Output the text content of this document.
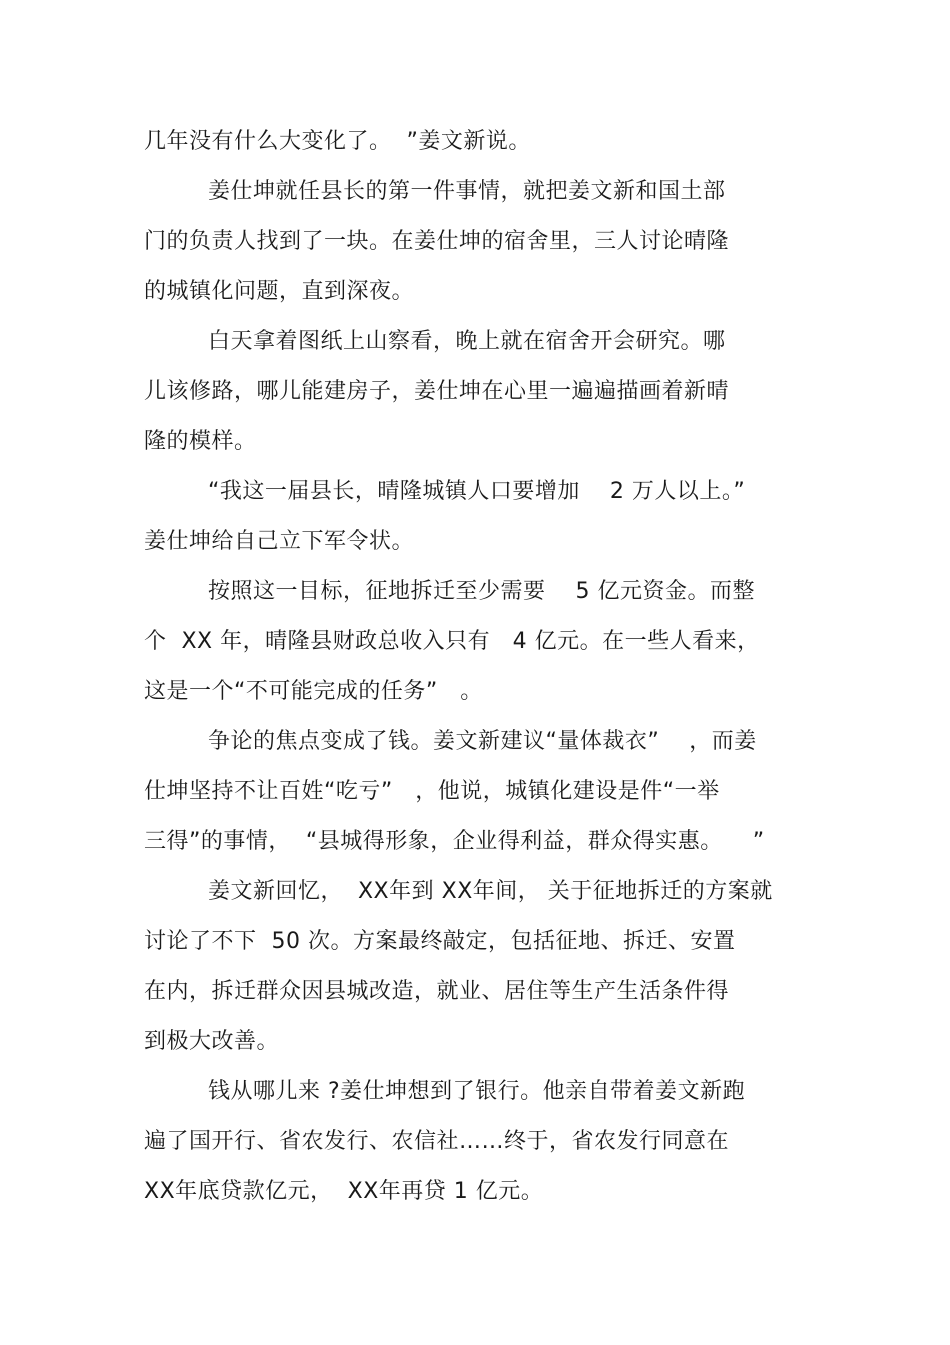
几年没有什么大变化了。  ”姜文新说。
姜仕坤就任县长的第一件事情，就把姜文新和国土部
门的负责人找到了一块。在姜仕坤的宿舍里，三人讨论晴隆
的城镇化问题，直到深夜。
白天拿着图纸上山察看，晚上就在宿舍开会研究。哪
儿该修路，哪儿能建房子，姜仕坤在心里一遍遍描画着新晴
隆的模样。
“我这一届县长，晴隆城镇人口要增加    2 万人以上。”
姜仕坤给自己立下军令状。
按照这一目标，征地拆迁至少需要    5 亿元资金。而整
个  XX 年，晴隆县财政总收入只有   4 亿元。在一些人看来，
这是一个“不可能完成的任务”   。
争论的焦点变成了钱。姜文新建议“量体裁衣”    ，而姜
仕坤坚持不让百姓“吃亏”   ，他说，城镇化建设是件“一举
三得”的事情，  “县城得形象，企业得利益，群众得实惠。    ”
姜文新回忆，  XX年到 XX年间， 关于征地拆迁的方案就
讨论了不下  50 次。方案最终敲定，包括征地、拆迁、安置
在内，拆迁群众因县城改造，就业、居住等生产生活条件得
到极大改善。
钱从哪儿来 ?姜仕坤想到了银行。他亲自带着姜文新跑
遍了国开行、省农发行、农信社……终于，省农发行同意在
XX年底贷款亿元，  XX年再贷 1 亿元。
